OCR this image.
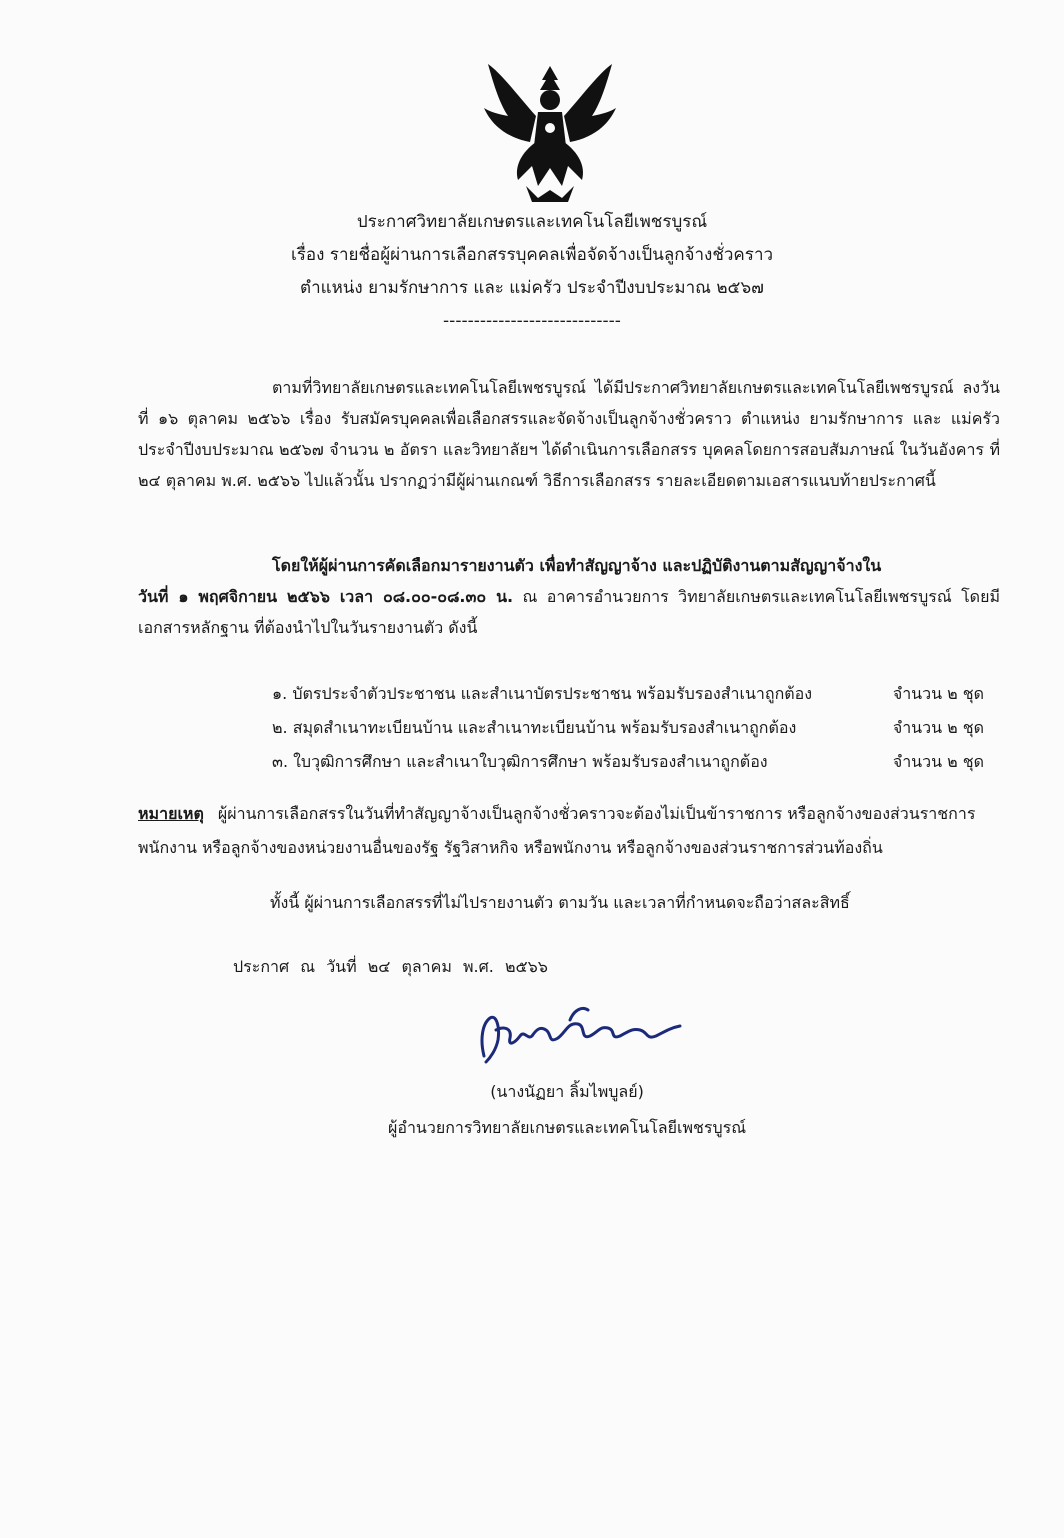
ประกาศวิทยาลัยเกษตรและเทคโนโลยีเพชรบูรณ์
เรื่อง รายชื่อผู้ผ่านการเลือกสรรบุคคลเพื่อจัดจ้างเป็นลูกจ้างชั่วคราว
ตำแหน่ง ยามรักษาการ และ แม่ครัว ประจำปีงบประมาณ ๒๕๖๗
-----------------------------
ตามที่วิทยาลัยเกษตรและเทคโนโลยีเพชรบูรณ์ ได้มีประกาศวิทยาลัยเกษตรและเทคโนโลยีเพชรบูรณ์ ลงวันที่ ๑๖ ตุลาคม ๒๕๖๖ เรื่อง รับสมัครบุคคลเพื่อเลือกสรรและจัดจ้างเป็นลูกจ้างชั่วคราว ตำแหน่ง ยามรักษาการ และ แม่ครัว ประจำปีงบประมาณ ๒๕๖๗ จำนวน ๒ อัตรา และวิทยาลัยฯ ได้ดำเนินการเลือกสรร บุคคลโดยการสอบสัมภาษณ์ ในวันอังคาร ที่ ๒๔ ตุลาคม พ.ศ. ๒๕๖๖ ไปแล้วนั้น ปรากฏว่ามีผู้ผ่านเกณฑ์ วิธีการเลือกสรร รายละเอียดตามเอสารแนบท้ายประกาศนี้
โดยให้ผู้ผ่านการคัดเลือกมารายงานตัว เพื่อทำสัญญาจ้าง และปฏิบัติงานตามสัญญาจ้างใน
วันที่ ๑ พฤศจิกายน ๒๕๖๖ เวลา ๐๘.๐๐-๐๘.๓๐ น. ณ อาคารอำนวยการ วิทยาลัยเกษตรและเทคโนโลยีเพชรบูรณ์ โดยมีเอกสารหลักฐาน ที่ต้องนำไปในวันรายงานตัว ดังนี้
๑. บัตรประจำตัวประชาชน และสำเนาบัตรประชาชน พร้อมรับรองสำเนาถูกต้อง	จำนวน ๒ ชุด
๒. สมุดสำเนาทะเบียนบ้าน และสำเนาทะเบียนบ้าน พร้อมรับรองสำเนาถูกต้อง	จำนวน ๒ ชุด
๓. ใบวุฒิการศึกษา และสำเนาใบวุฒิการศึกษา พร้อมรับรองสำเนาถูกต้อง	จำนวน ๒ ชุด
หมายเหตุ ผู้ผ่านการเลือกสรรในวันที่ทำสัญญาจ้างเป็นลูกจ้างชั่วคราวจะต้องไม่เป็นข้าราชการ หรือลูกจ้างของส่วนราชการ
พนักงาน หรือลูกจ้างของหน่วยงานอื่นของรัฐ รัฐวิสาหกิจ หรือพนักงาน หรือลูกจ้างของส่วนราชการส่วนท้องถิ่น
ทั้งนี้ ผู้ผ่านการเลือกสรรที่ไม่ไปรายงานตัว ตามวัน และเวลาที่กำหนดจะถือว่าสละสิทธิ์
ประกาศ ณ วันที่ ๒๔ ตุลาคม พ.ศ. ๒๕๖๖
(นางนัฏยา ลิ้มไพบูลย์)
ผู้อำนวยการวิทยาลัยเกษตรและเทคโนโลยีเพชรบูรณ์
